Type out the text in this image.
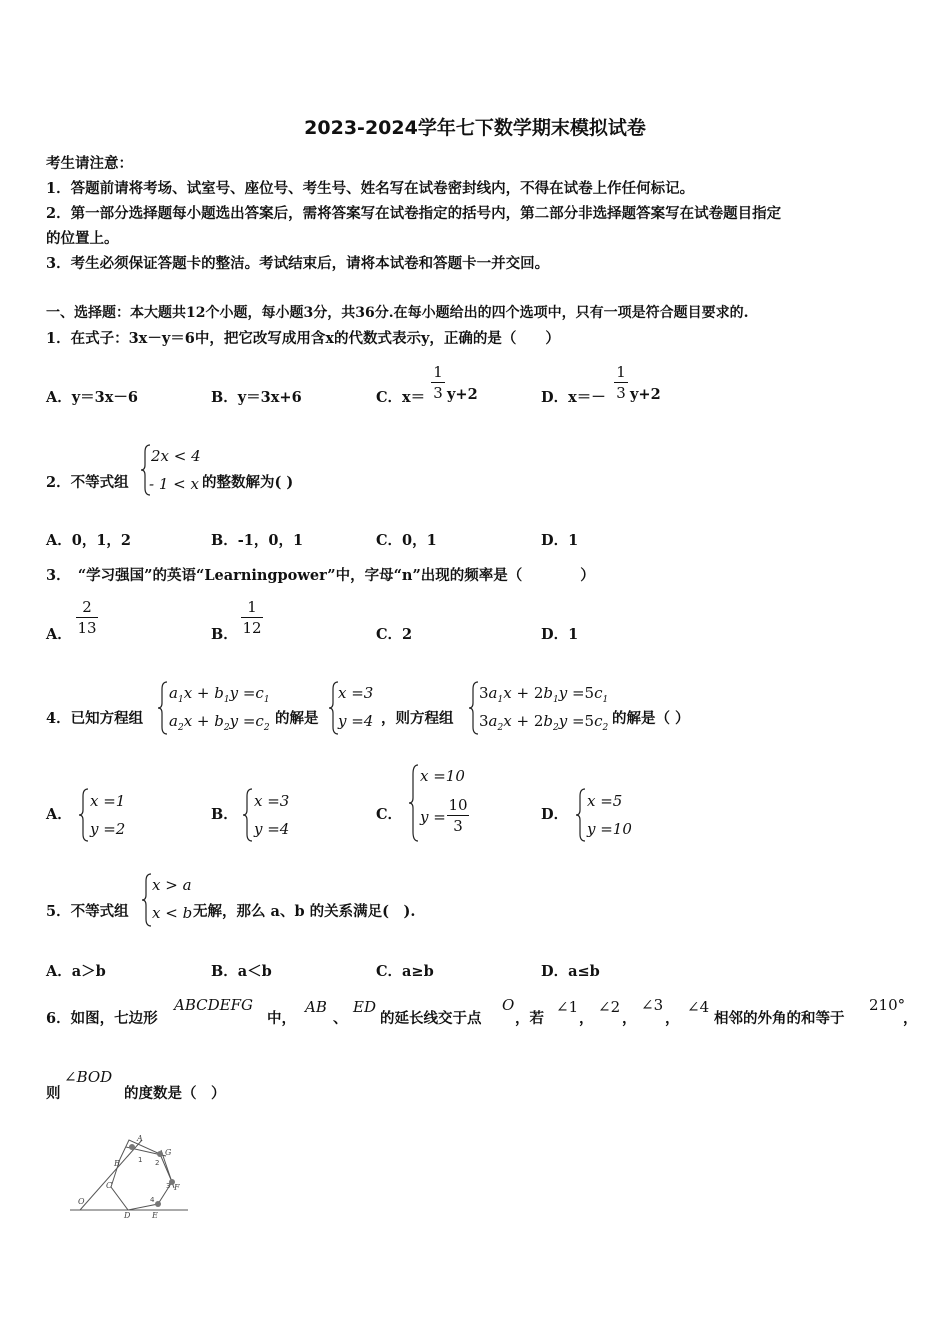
2023-2024学年七下数学期末模拟试卷
考生请注意：
1．答题前请将考场、试室号、座位号、考生号、姓名写在试卷密封线内，不得在试卷上作任何标记。
2．第一部分选择题每小题选出答案后，需将答案写在试卷指定的括号内，第二部分非选择题答案写在试卷题目指定
的位置上。
3．考生必须保证答题卡的整洁。考试结束后，请将本试卷和答题卡一并交回。
一、选择题：本大题共12个小题，每小题3分，共36分.在每小题给出的四个选项中，只有一项是符合题目要求的.
1．在式子：3x－y＝6中，把它改写成用含x的代数式表示y，正确的是（　　）
A．y＝3x－6	B．y＝3x+6	C．x＝
1
3 y+2	D．x＝－
1
3 y+2
2．不等式组
2x < 4
- 1 < x 的整数解为( )
A．0，1，2	B．-1，0，1	C．0，1	D．1
3．　“学习强国”的英语“Learningpower”中，字母“n”出现的频率是（　　　　）
A．
2
13	B．
1
12	C．2	D．1
4．已知方程组
$a_1x + b_1y =c_1$
$a_2x + b_2y =c_2$
的解是
x =3
y =4 ，则方程组
$3a_1x + 2b_1y =5c_1$
$3a_2x + 2b_2y =5c_2$
的解是（ ）
A．
x =1
y =2
B．
x =3
y =4
C．
x =10
y =
10
3
D．
x =5
y =10
5．不等式组
x > a
x < b 无解，那么 a、b 的关系满足(　).
A．a＞b	B．a＜b	C．a≥b	D．a≤b
6．如图，七边形
ABCDEFG
中，
AB
、
ED
的延长线交于点
O
，若
∠1
，
∠2
，
∠3
，
∠4
相邻的外角的和等于
210°
，
则
∠BOD
的度数是（　）
A
G
B
C
O
D	E
F
1 2
3
4
